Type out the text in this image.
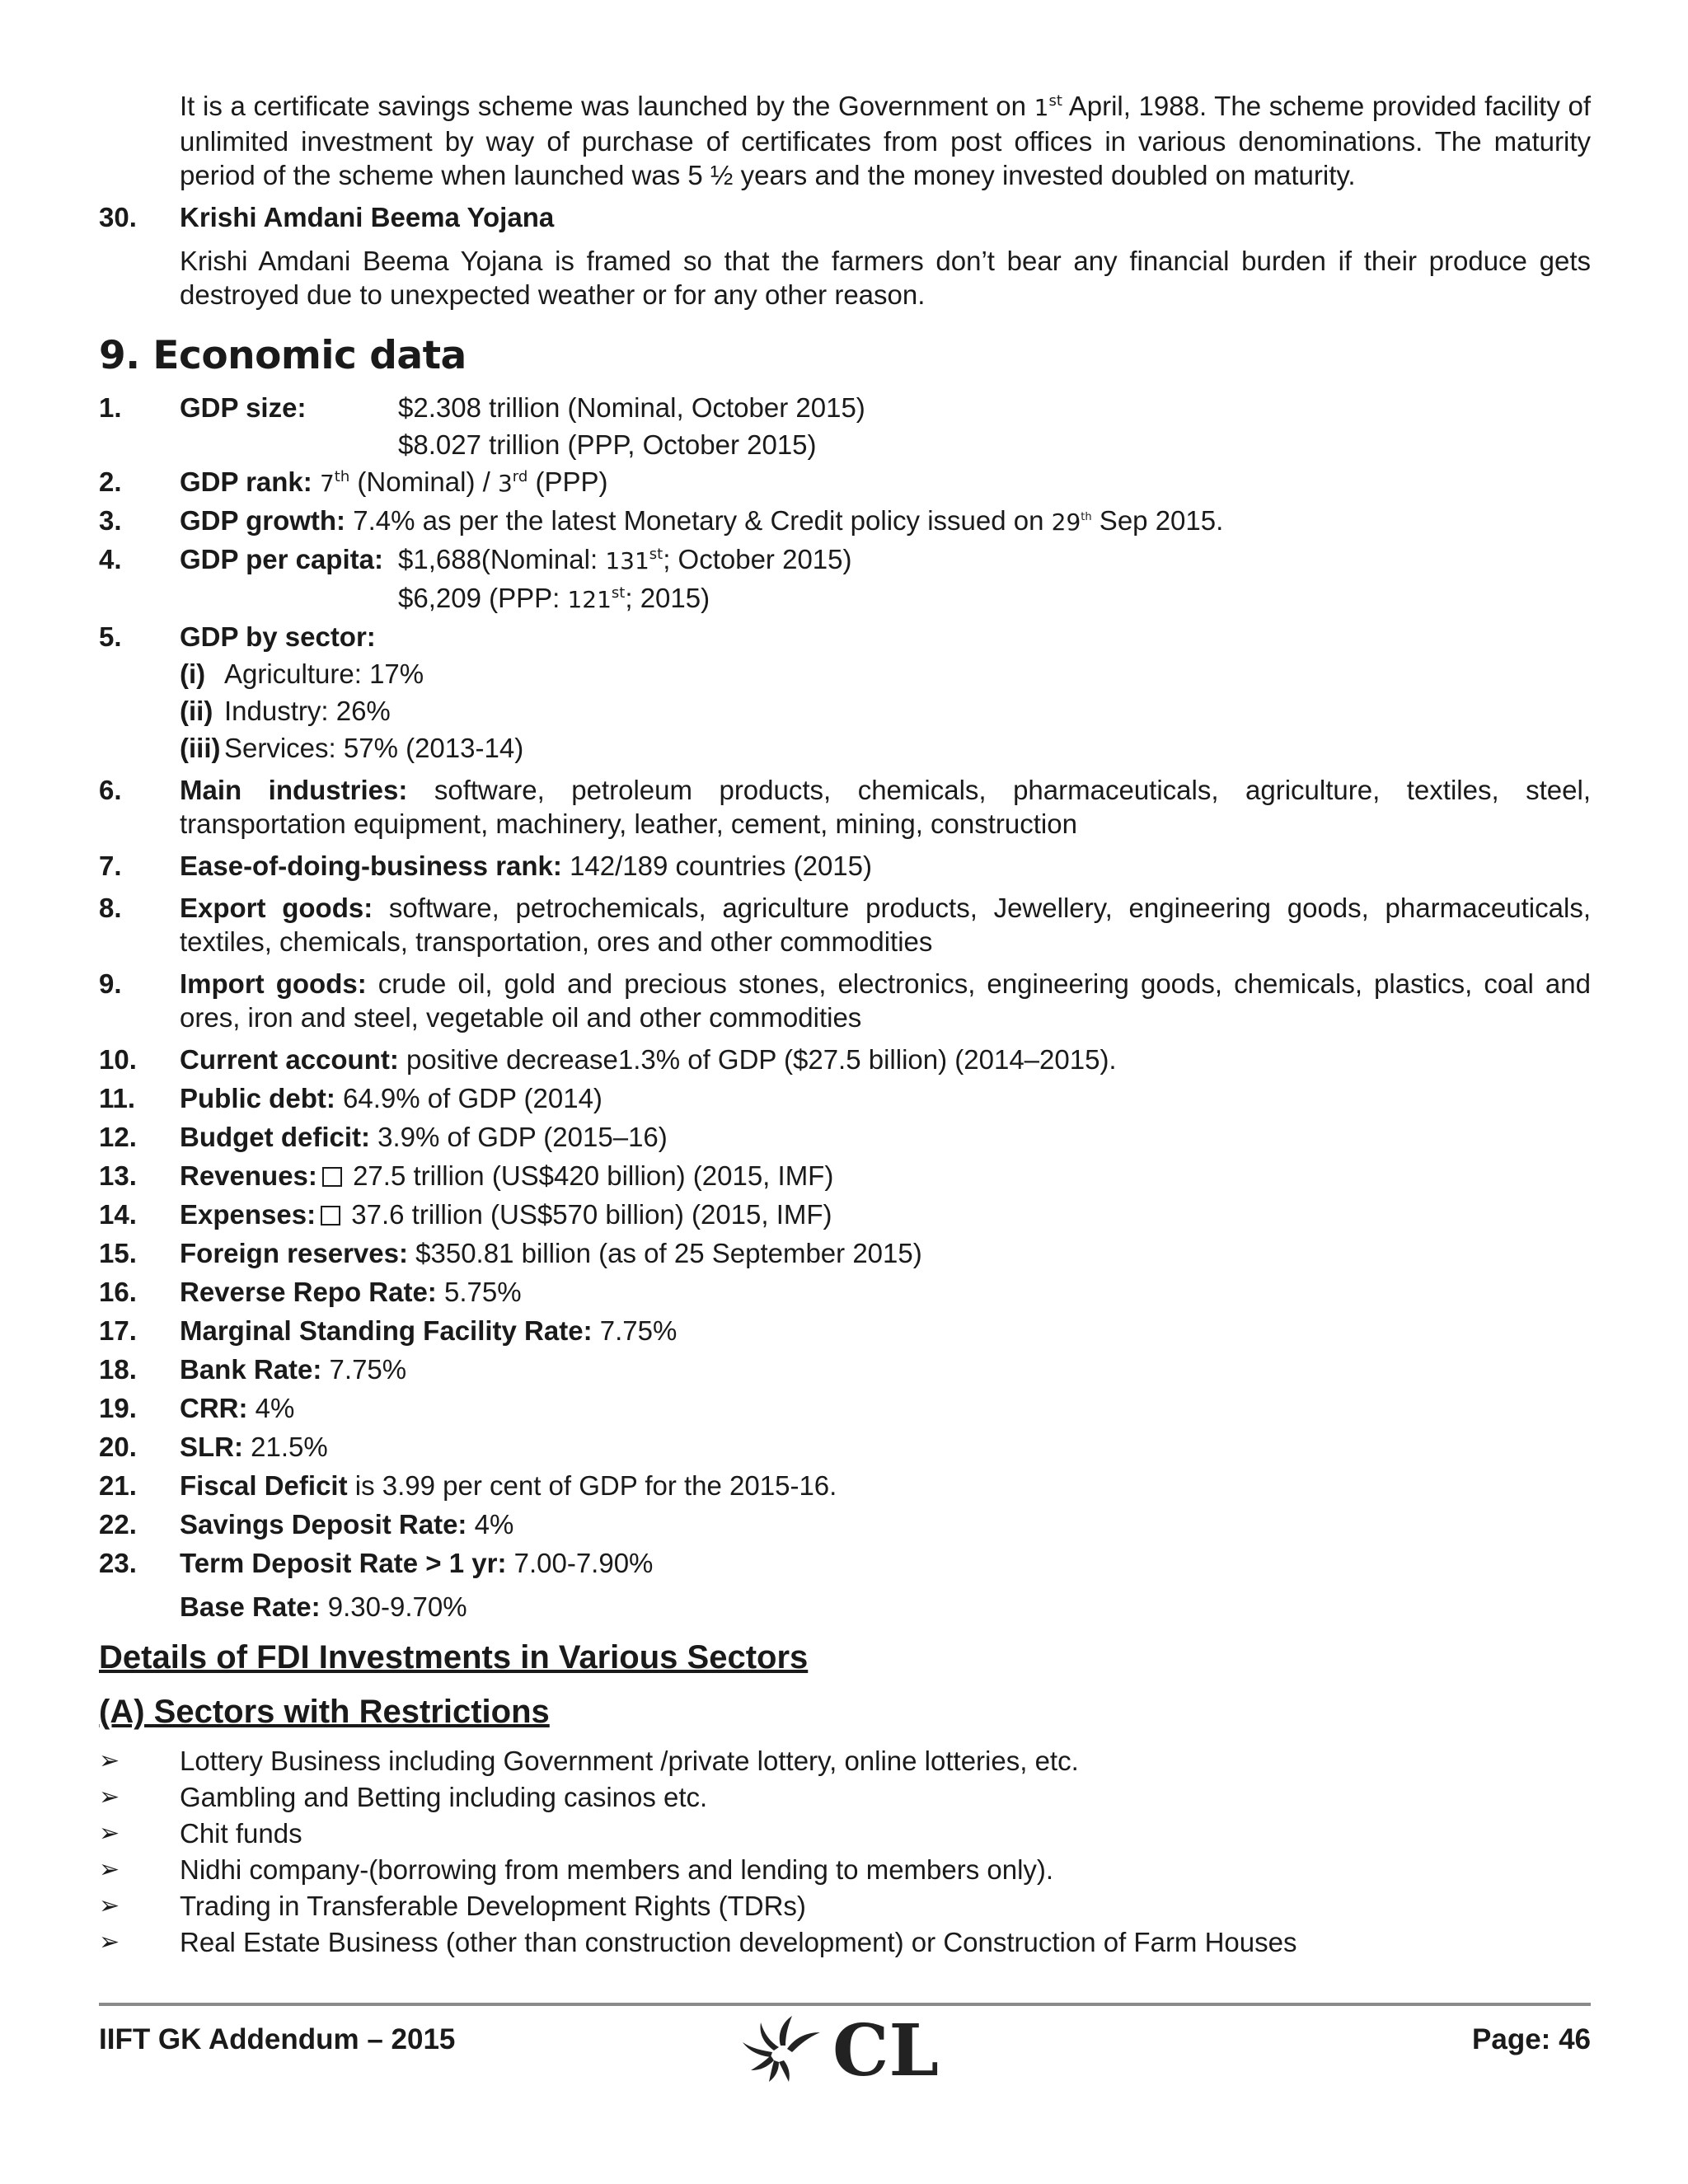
It is a certificate savings scheme was launched by the Government on 1st April, 1988. The scheme provided facility of unlimited investment by way of purchase of certificates from post offices in various denominations. The maturity period of the scheme when launched was 5 ½ years and the money invested doubled on maturity.

30.	Krishi Amdani Beema Yojana

Krishi Amdani Beema Yojana is framed so that the farmers don’t bear any financial burden if their produce gets destroyed due to unexpected weather or for any other reason.

9. Economic data
1.	GDP size:	$2.308 trillion (Nominal, October 2015)
$8.027 trillion (PPP, October 2015)
2.	GDP rank: 7th (Nominal) / 3rd (PPP)
3.	GDP growth: 7.4% as per the latest Monetary & Credit policy issued on 29th Sep 2015.
4.	GDP per capita: $1,688(Nominal: 131st; October 2015)
$6,209 (PPP: 121st; 2015)
5.	GDP by sector:

(i) Agriculture: 17%
(ii) Industry: 26%
(iii) Services: 57% (2013-14)
6.	Main industries: software, petroleum products, chemicals, pharmaceuticals, agriculture, textiles, steel, transportation equipment, machinery, leather, cement, mining, construction
7.	Ease-of-doing-business rank: 142/189 countries (2015)
8.	Export goods: software, petrochemicals, agriculture products, Jewellery, engineering goods, pharmaceuticals, textiles, chemicals, transportation, ores and other commodities
9.	Import goods: crude oil, gold and precious stones, electronics, engineering goods, chemicals, plastics, coal and ores, iron and steel, vegetable oil and other commodities
10.	Current account: positive decrease1.3% of GDP ($27.5 billion) (2014–2015).
11.	Public debt: 64.9% of GDP (2014)
12.	Budget deficit: 3.9% of GDP (2015–16)
13.	Revenues: 27.5 trillion (US$420 billion) (2015, IMF)
14.	Expenses: 37.6 trillion (US$570 billion) (2015, IMF)
15.	Foreign reserves: $350.81 billion (as of 25 September 2015)
16.	Reverse Repo Rate: 5.75%
17.	Marginal Standing Facility Rate: 7.75%
18.	Bank Rate: 7.75%
19.	CRR: 4%
20.	SLR: 21.5%
21.	Fiscal Deficit is 3.99 per cent of GDP for the 2015-16.
22.	Savings Deposit Rate: 4%
23.	Term Deposit Rate > 1 yr: 7.00-7.90%
Base Rate: 9.30-9.70%
Details of FDI Investments in Various Sectors
(A) Sectors with Restrictions
➢	Lottery Business including Government /private lottery, online lotteries, etc.
➢	Gambling and Betting including casinos etc.
➢	Chit funds
➢	Nidhi company-(borrowing from members and lending to members only).
➢	Trading in Transferable Development Rights (TDRs)
➢	Real Estate Business (other than construction development) or Construction of Farm Houses
IIFT GK Addendum – 2015	Page: 46
CL
